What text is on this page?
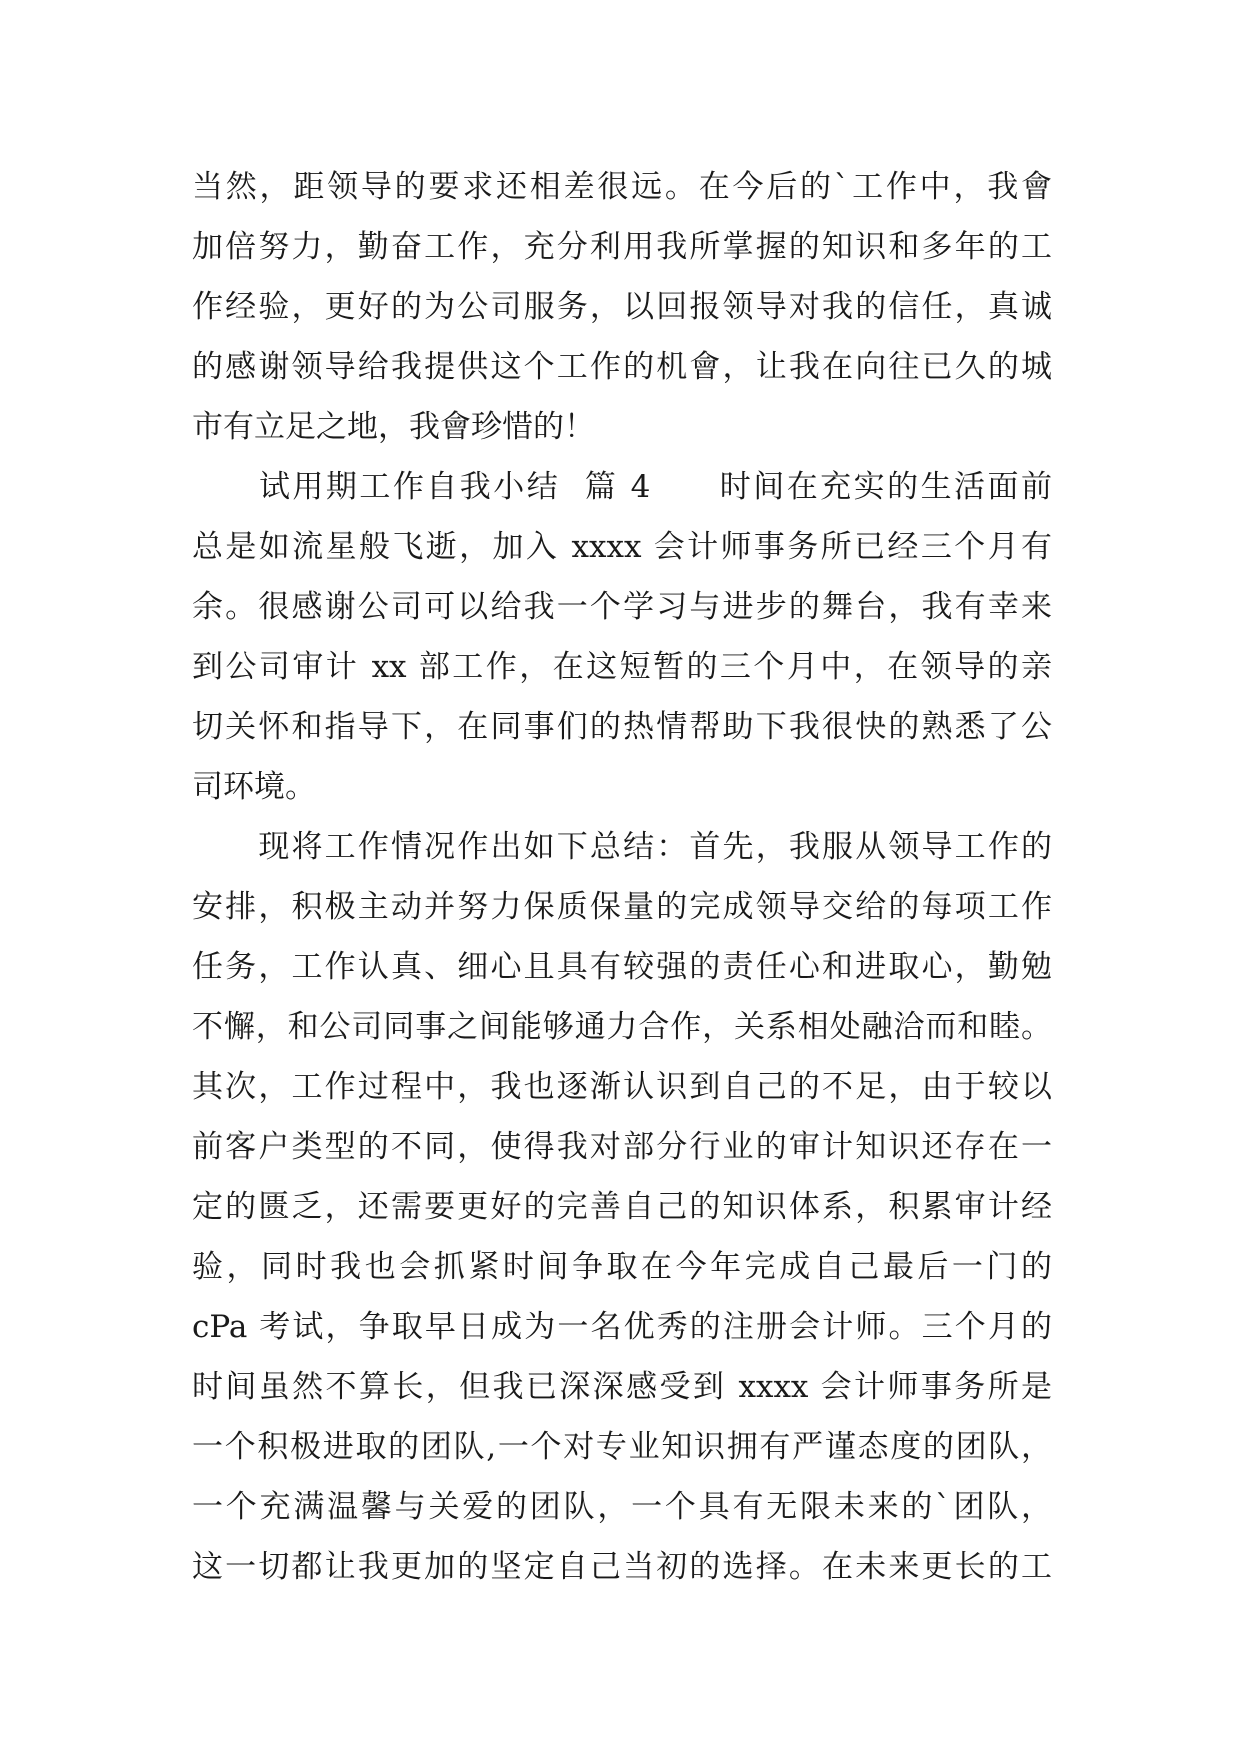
当然，距领导的要求还相差很远。在今后的`工作中，我會
加倍努力，勤奋工作，充分利用我所掌握的知识和多年的工
作经验，更好的为公司服务，以回报领导对我的信任，真诚
的感谢领导给我提供这个工作的机會，让我在向往已久的城
市有立足之地，我會珍惜的！
　　试用期工作自我小结  篇 4　　时间在充实的生活面前
总是如流星般飞逝，加入 xxxx 会计师事务所已经三个月有
余。很感谢公司可以给我一个学习与进步的舞台，我有幸来
到公司审计 xx 部工作，在这短暂的三个月中，在领导的亲
切关怀和指导下，在同事们的热情帮助下我很快的熟悉了公
司环境。
　　现将工作情况作出如下总结：首先，我服从领导工作的
安排，积极主动并努力保质保量的完成领导交给的每项工作
任务，工作认真、细心且具有较强的责任心和进取心，勤勉
不懈，和公司同事之间能够通力合作，关系相处融洽而和睦。
其次，工作过程中，我也逐渐认识到自己的不足，由于较以
前客户类型的不同，使得我对部分行业的审计知识还存在一
定的匮乏，还需要更好的完善自己的知识体系，积累审计经
验，同时我也会抓紧时间争取在今年完成自己最后一门的
cPa 考试，争取早日成为一名优秀的注册会计师。三个月的
时间虽然不算长，但我已深深感受到 xxxx 会计师事务所是
一个积极进取的团队,一个对专业知识拥有严谨态度的团队，
一个充满温馨与关爱的团队，一个具有无限未来的`团队，
这一切都让我更加的坚定自己当初的选择。在未来更长的工
